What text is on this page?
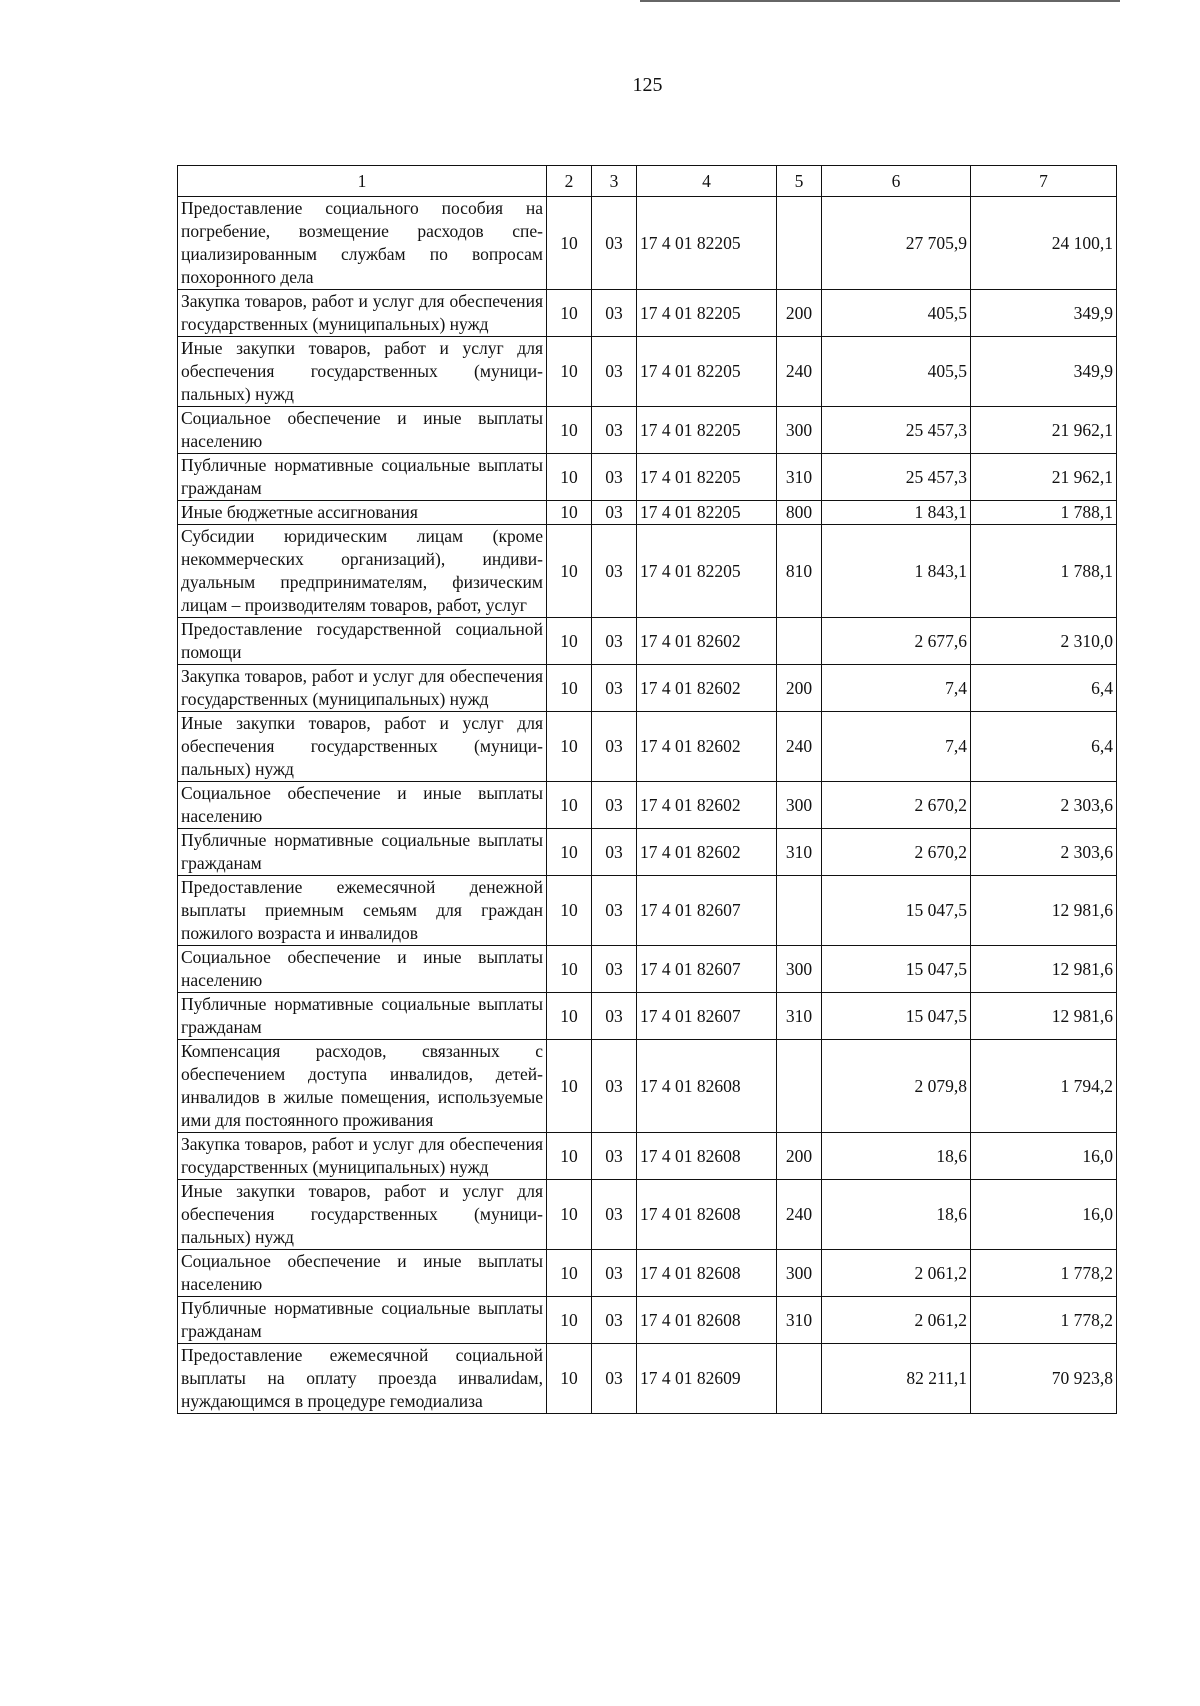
125
1	2	3	4	5	6	7
Предоставление социального пособия на погребение, возмещение расходов специализированным службам по вопросам похоронного дела	10	03	17 4 01 82205		27 705,9	24 100,1
Закупка товаров, работ и услуг для обеспечения государственных (муниципальных) нужд	10	03	17 4 01 82205	200	405,5	349,9
Иные закупки товаров, работ и услуг для обеспечения государственных (муниципальных) нужд	10	03	17 4 01 82205	240	405,5	349,9
Социальное обеспечение и иные выплаты населению	10	03	17 4 01 82205	300	25 457,3	21 962,1
Публичные нормативные социальные выплаты гражданам	10	03	17 4 01 82205	310	25 457,3	21 962,1
Иные бюджетные ассигнования	10	03	17 4 01 82205	800	1 843,1	1 788,1
Субсидии юридическим лицам (кроме некоммерческих организаций), индивидуальным предпринимателям, физическим лицам – производителям товаров, работ, услуг	10	03	17 4 01 82205	810	1 843,1	1 788,1
Предоставление государственной социальной помощи	10	03	17 4 01 82602		2 677,6	2 310,0
Закупка товаров, работ и услуг для обеспечения государственных (муниципальных) нужд	10	03	17 4 01 82602	200	7,4	6,4
Иные закупки товаров, работ и услуг для обеспечения государственных (муниципальных) нужд	10	03	17 4 01 82602	240	7,4	6,4
Социальное обеспечение и иные выплаты населению	10	03	17 4 01 82602	300	2 670,2	2 303,6
Публичные нормативные социальные выплаты гражданам	10	03	17 4 01 82602	310	2 670,2	2 303,6
Предоставление ежемесячной денежной выплаты приемным семьям для граждан пожилого возраста и инвалидов	10	03	17 4 01 82607		15 047,5	12 981,6
Социальное обеспечение и иные выплаты населению	10	03	17 4 01 82607	300	15 047,5	12 981,6
Публичные нормативные социальные выплаты гражданам	10	03	17 4 01 82607	310	15 047,5	12 981,6
Компенсация расходов, связанных с обеспечением доступа инвалидов, детей-инвалидов в жилые помещения, используемые ими для постоянного проживания	10	03	17 4 01 82608		2 079,8	1 794,2
Закупка товаров, работ и услуг для обеспечения государственных (муниципальных) нужд	10	03	17 4 01 82608	200	18,6	16,0
Иные закупки товаров, работ и услуг для обеспечения государственных (муниципальных) нужд	10	03	17 4 01 82608	240	18,6	16,0
Социальное обеспечение и иные выплаты населению	10	03	17 4 01 82608	300	2 061,2	1 778,2
Публичные нормативные социальные выплаты гражданам	10	03	17 4 01 82608	310	2 061,2	1 778,2
Предоставление ежемесячной социальной выплаты на оплату проезда инвалиdам, нуждающимся в процедуре гемодиализа	10	03	17 4 01 82609		82 211,1	70 923,8
